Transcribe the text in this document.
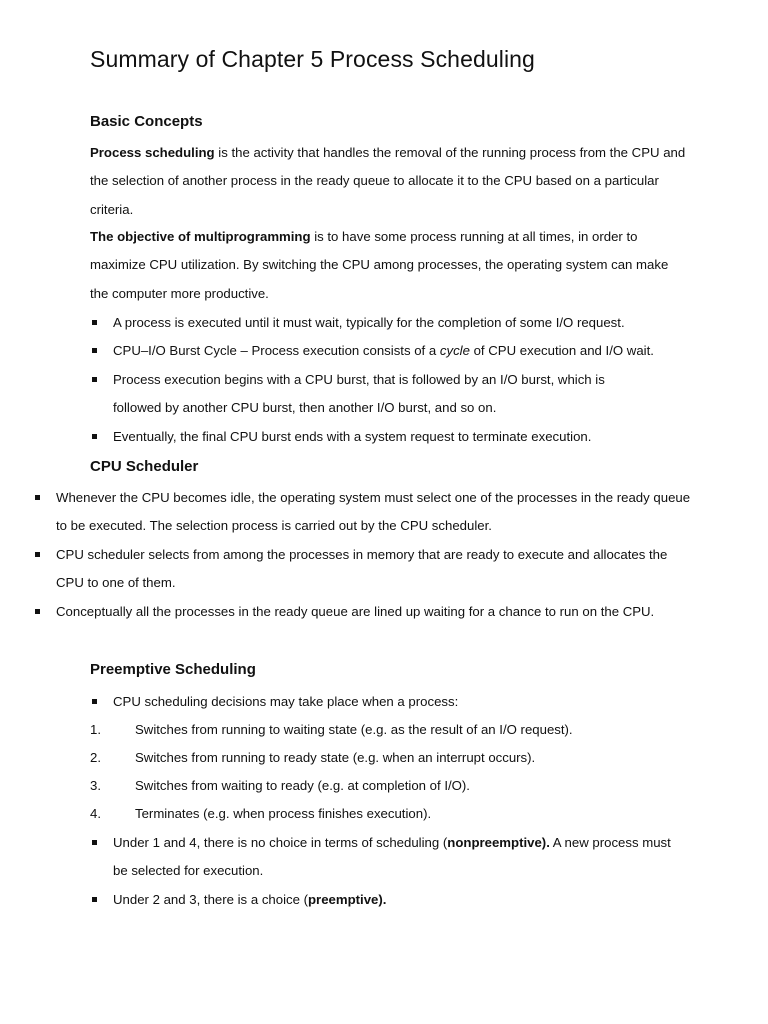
Summary of Chapter 5 Process Scheduling
Basic Concepts

Process scheduling is the activity that handles the removal of the running process from the CPU and the selection of another process in the ready queue to allocate it to the CPU based on a particular criteria.

The objective of multiprogramming is to have some process running at all times, in order to maximize CPU utilization. By switching the CPU among processes, the operating system can make the computer more productive.

A process is executed until it must wait, typically for the completion of some I/O request.

CPU–I/O Burst Cycle – Process execution consists of a cycle of CPU execution and I/O wait.

Process execution begins with a CPU burst, that is followed by an I/O burst, which is followed by another CPU burst, then another I/O burst, and so on.

Eventually, the final CPU burst ends with a system request to terminate execution.

CPU Scheduler

Whenever the CPU becomes idle, the operating system must select one of the processes in the ready queue to be executed. The selection process is carried out by the CPU scheduler.

CPU scheduler selects from among the processes in memory that are ready to execute and allocates the CPU to one of them.

Conceptually all the processes in the ready queue are lined up waiting for a chance to run on the CPU.

Preemptive Scheduling

CPU scheduling decisions may take place when a process:

1.	Switches from running to waiting state (e.g. as the result of an I/O request).

2.	Switches from running to ready state (e.g. when an interrupt occurs).

3.	Switches from waiting to ready (e.g. at completion of I/O).

4.	Terminates (e.g. when process finishes execution).

Under 1 and 4, there is no choice in terms of scheduling (nonpreemptive). A new process must be selected for execution.

Under 2 and 3, there is a choice (preemptive).
